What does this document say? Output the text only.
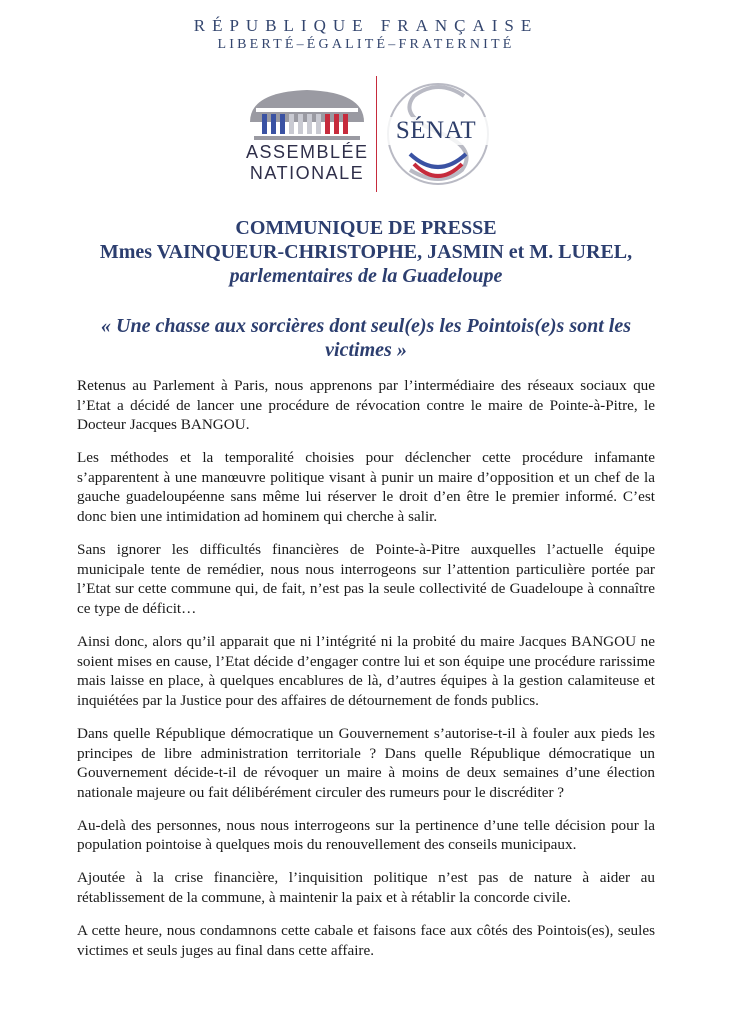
RÉPUBLIQUE FRANÇAISE
LIBERTÉ–ÉGALITÉ–FRATERNITÉ
ASSEMBLÉE
NATIONALE
SÉNAT
COMMUNIQUE DE PRESSE
Mmes VAINQUEUR-CHRISTOPHE, JASMIN et M. LUREL,
parlementaires de la Guadeloupe
« Une chasse aux sorcières dont seul(e)s les Pointois(e)s sont les victimes »

Retenus au Parlement à Paris, nous apprenons par l’intermédiaire des réseaux sociaux que l’Etat a décidé de lancer une procédure de révocation contre le maire de Pointe-à-Pitre, le Docteur Jacques BANGOU.

Les méthodes et la temporalité choisies pour déclencher cette procédure infamante s’apparentent à une manœuvre politique visant à punir un maire d’opposition et un chef de la gauche guadeloupéenne sans même lui réserver le droit d’en être le premier informé. C’est donc bien une intimidation ad hominem qui cherche à salir.

Sans ignorer les difficultés financières de Pointe-à-Pitre auxquelles l’actuelle équipe municipale tente de remédier, nous nous interrogeons sur l’attention particulière portée par l’Etat sur cette commune qui, de fait, n’est pas la seule collectivité de Guadeloupe à connaître ce type de déficit…

Ainsi donc, alors qu’il apparait que ni l’intégrité ni la probité du maire Jacques BANGOU ne soient mises en cause, l’Etat décide d’engager contre lui et son équipe une procédure rarissime mais laisse en place, à quelques encablures de là, d’autres équipes à la gestion calamiteuse et inquiétées par la Justice pour des affaires de détournement de fonds publics.

Dans quelle République démocratique un Gouvernement s’autorise-t-il à fouler aux pieds les principes de libre administration territoriale ? Dans quelle République démocratique un Gouvernement décide-t-il de révoquer un maire à moins de deux semaines d’une élection nationale majeure ou fait délibérément circuler des rumeurs pour le discréditer ?

Au-delà des personnes, nous nous interrogeons sur la pertinence d’une telle décision pour la population pointoise à quelques mois du renouvellement des conseils municipaux.

Ajoutée à la crise financière, l’inquisition politique n’est pas de nature à aider au rétablissement de la commune, à maintenir la paix et à rétablir la concorde civile.

A cette heure, nous condamnons cette cabale et faisons face aux côtés des Pointois(es), seules victimes et seuls juges au final dans cette affaire.
